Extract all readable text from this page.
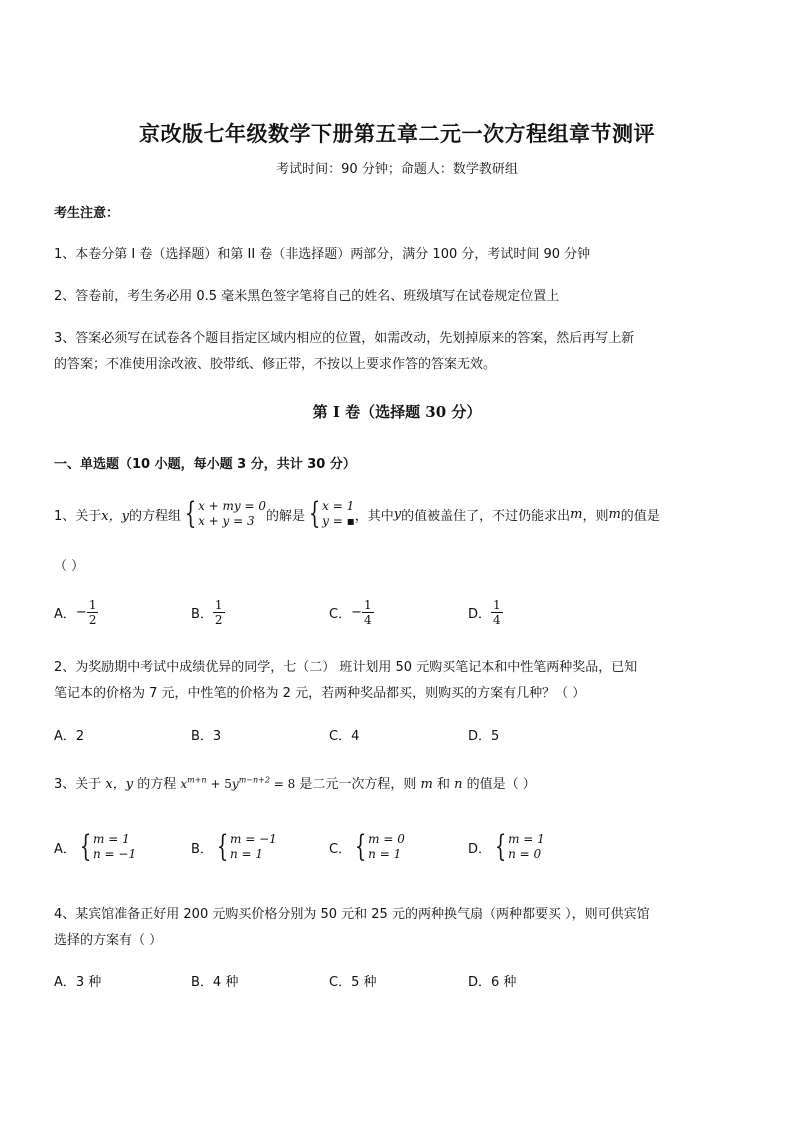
京改版七年级数学下册第五章二元一次方程组章节测评
考试时间：90 分钟；命题人：数学教研组
考生注意：
1、本卷分第 I 卷（选择题）和第 II 卷（非选择题）两部分，满分 100 分，考试时间 90 分钟
2、答卷前，考生务必用 0.5 毫米黑色签字笔将自己的姓名、班级填写在试卷规定位置上
3、答案必须写在试卷各个题目指定区域内相应的位置，如需改动，先划掉原来的答案，然后再写上新
的答案；不准使用涂改液、胶带纸、修正带，不按以上要求作答的答案无效。
第 I 卷（选择题 30 分）
一、单选题（10 小题，每小题 3 分，共计 30 分）
1、关于 x，y 的方程组 { x + my = 0
x + y = 3 的解是 { x = 1
y = ▪ ，其中 y 的值被盖住了，不过仍能求出 m ，则 m 的值是
（ ）
A． − $\frac{1}{2}$	B． $\frac{1}{2}$	C． − $\frac{1}{4}$	D． $\frac{1}{4}$
2、为奖励期中考试中成绩优异的同学，七（二） 班计划用 50 元购买笔记本和中性笔两种奖品，已知
笔记本的价格为 7 元，中性笔的价格为 2 元，若两种奖品都买，则购买的方案有几种？（ ）
A．2	B．3	C．4	D．5
3、关于 x，y 的方程 $x^{m+n} + 5y^{m-n+2} = 8$ 是二元一次方程，则 m 和 n 的值是（ ）
A． { m = 1
n = −1	B． { m = −1
n = 1	C． { m = 0
n = 1	D． { m = 1
n = 0
4、某宾馆准备正好用 200 元购买价格分别为 50 元和 25 元的两种换气扇（两种都要买 ），则可供宾馆
选择的方案有（ ）
A．3 种	B．4 种	C．5 种	D．6 种
